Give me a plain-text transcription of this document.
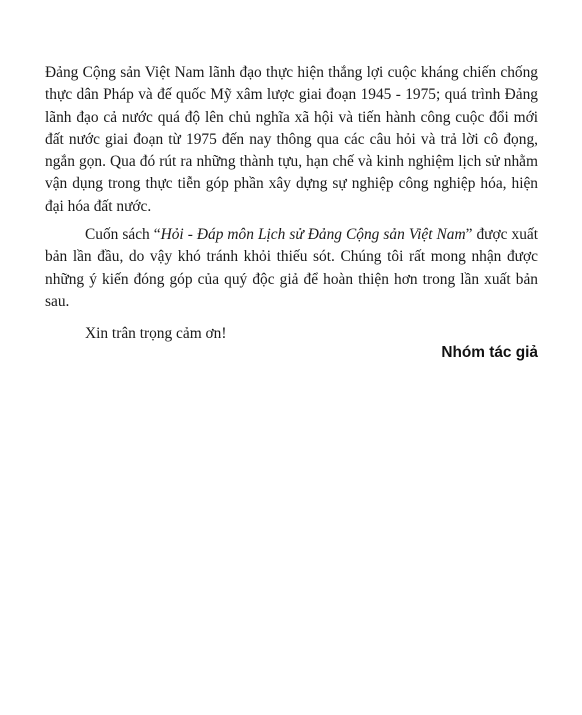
Đảng Cộng sản Việt Nam lãnh đạo thực hiện thắng lợi cuộc kháng chiến chống thực dân Pháp và đế quốc Mỹ xâm lược giai đoạn 1945 - 1975; quá trình Đảng lãnh đạo cả nước quá độ lên chủ nghĩa xã hội và tiến hành công cuộc đổi mới đất nước giai đoạn từ 1975 đến nay thông qua các câu hỏi và trả lời cô đọng, ngắn gọn. Qua đó rút ra những thành tựu, hạn chế và kinh nghiệm lịch sử nhằm vận dụng trong thực tiễn góp phần xây dựng sự nghiệp công nghiệp hóa, hiện đại hóa đất nước.

Cuốn sách “Hỏi - Đáp môn Lịch sử Đảng Cộng sản Việt Nam” được xuất bản lần đầu, do vậy khó tránh khỏi thiếu sót. Chúng tôi rất mong nhận được những ý kiến đóng góp của quý độc giả để hoàn thiện hơn trong lần xuất bản sau.

Xin trân trọng cảm ơn!

Nhóm tác giả
